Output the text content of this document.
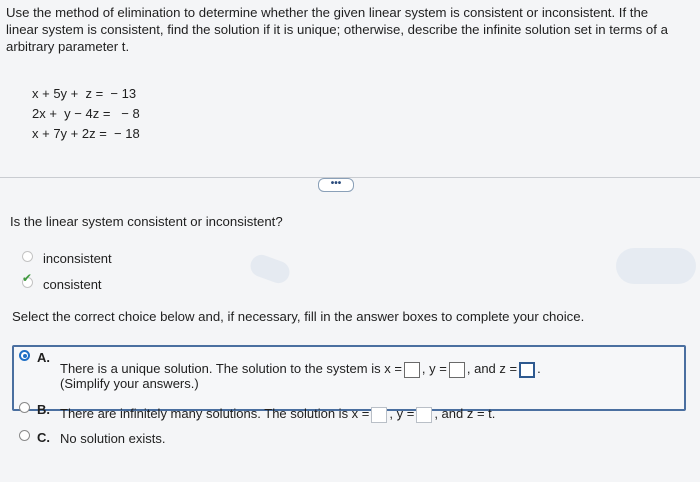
Use the method of elimination to determine whether the given linear system is consistent or inconsistent. If the
linear system is consistent, find the solution if it is unique; otherwise, describe the infinite solution set in terms of a
arbitrary parameter t.
x + 5y +  z =  − 13
2x +  y − 4z =   − 8
x + 7y + 2z =  − 18
•••
Is the linear system consistent or inconsistent?
inconsistent
✔ consistent
Select the correct choice below and, if necessary, fill in the answer boxes to complete your choice.
A.
There is a unique solution. The solution to the system is x = , y = , and z = .
(Simplify your answers.)
B. There are infinitely many solutions. The solution is x = , y = , and z = t.
C. No solution exists.
